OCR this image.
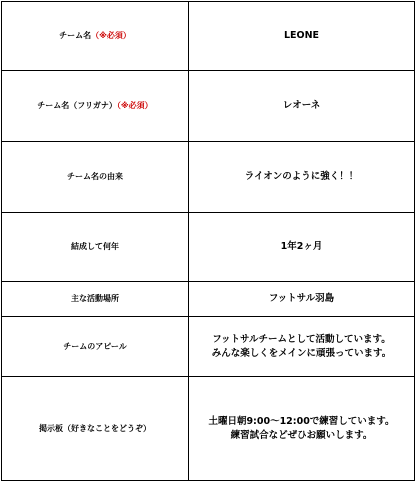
チーム名（※必須）	LEONE

チーム名（フリガナ）（※必須）	レオーネ

チーム名の由来	ライオンのように強く！！

結成して何年	1年2ヶ月

主な活動場所	フットサル羽島

チームのアピール	フットサルチームとして活動しています。
みんな楽しくをメインに頑張っています。

掲示板（好きなことをどうぞ）	土曜日朝9:00～12:00で練習しています。
練習試合などぜひお願いします。
